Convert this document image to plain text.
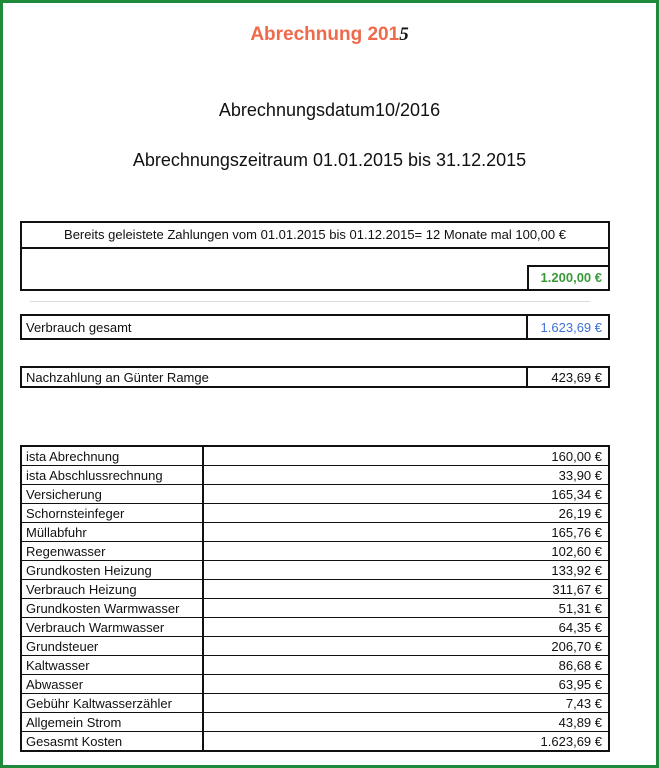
Abrechnung 2015
Abrechnungsdatum10/2016
Abrechnungszeitraum 01.01.2015 bis 31.12.2015
Bereits geleistete Zahlungen vom 01.01.2015 bis 01.12.2015= 12 Monate mal 100,00 €
1.200,00 €
Verbrauch gesamt	1.623,69 €
Nachzahlung an Günter Ramge	423,69 €
ista Abrechnung	160,00 €
ista Abschlussrechnung	33,90 €
Versicherung	165,34 €
Schornsteinfeger	26,19 €
Müllabfuhr	165,76 €
Regenwasser	102,60 €
Grundkosten Heizung	133,92 €
Verbrauch Heizung	311,67 €
Grundkosten Warmwasser	51,31 €
Verbrauch Warmwasser	64,35 €
Grundsteuer	206,70 €
Kaltwasser	86,68 €
Abwasser	63,95 €
Gebühr Kaltwasserzähler	7,43 €
Allgemein Strom	43,89 €
Gesasmt Kosten	1.623,69 €
